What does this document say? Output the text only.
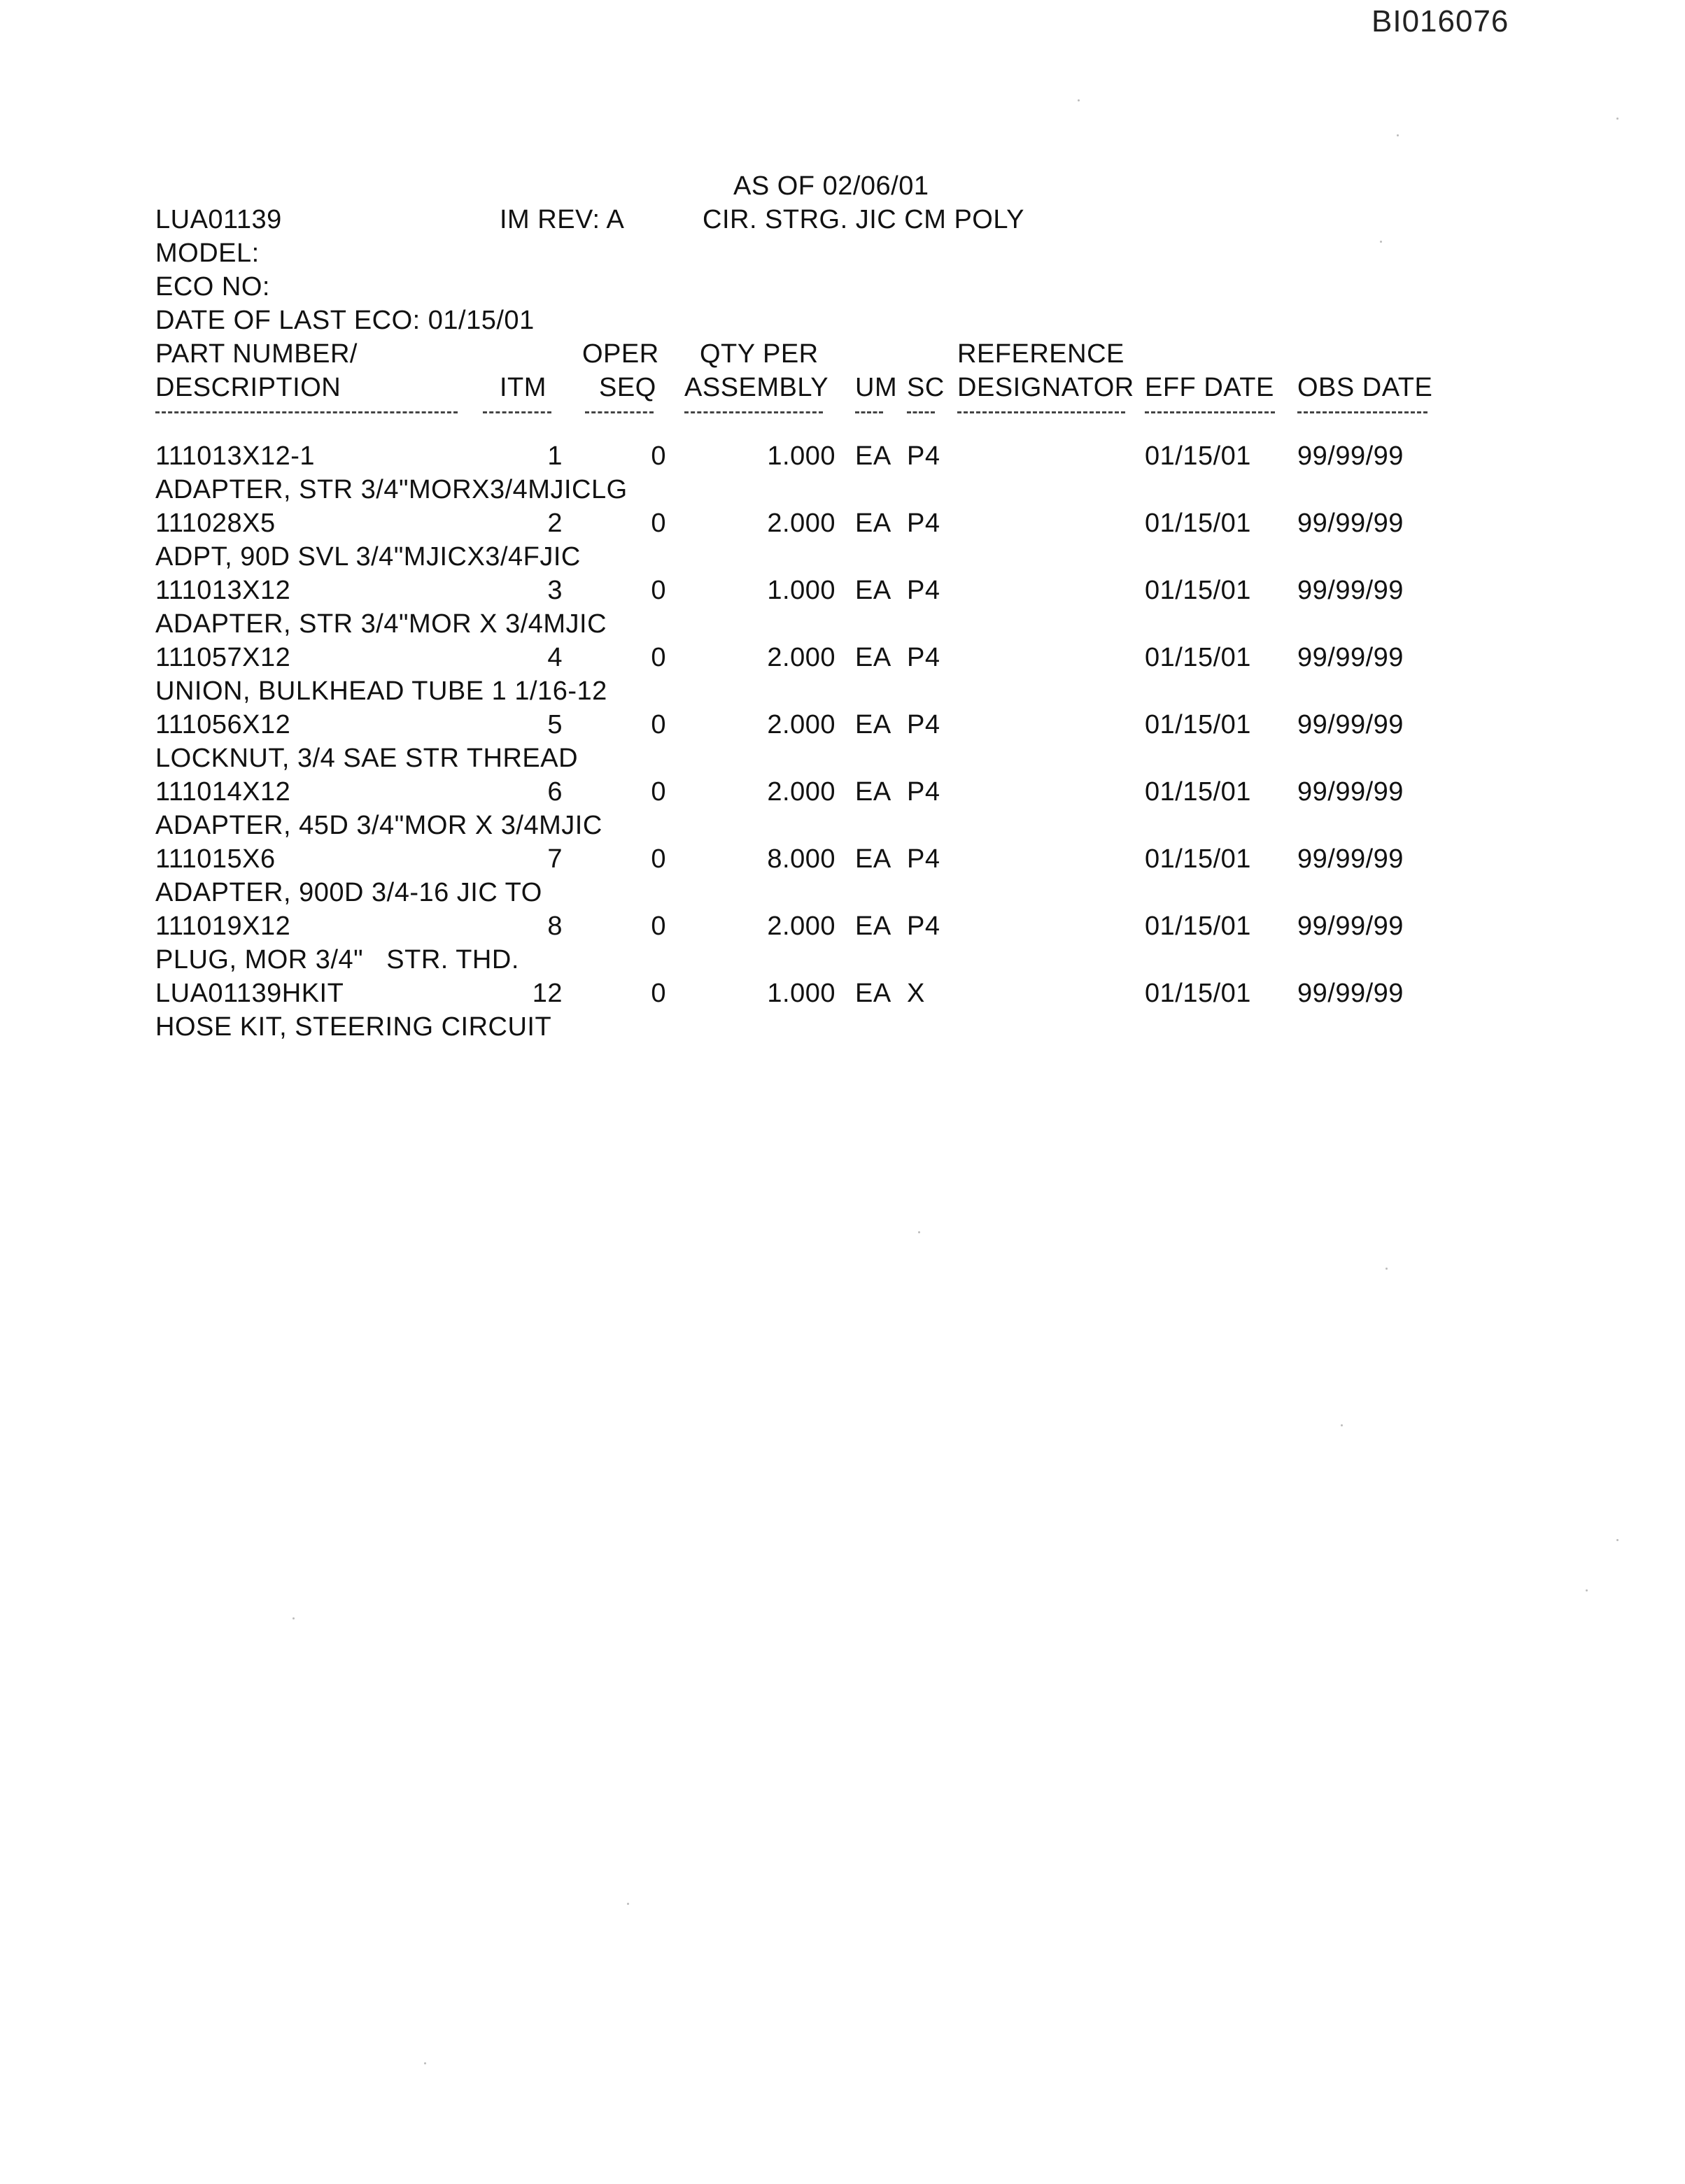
BI016076
AS OF 02/06/01
LUA01139	IM REV: A	CIR. STRG. JIC CM POLY
MODEL:
ECO NO:
DATE OF LAST ECO: 01/15/01
PART NUMBER/	OPER QTY PER	REFERENCE
DESCRIPTION	ITM SEQ ASSEMBLY UM SC DESIGNATOR EFF DATE OBS DATE
111013X12-1	1	0	1.000 EA P4	01/15/01 99/99/99
ADAPTER, STR 3/4"MORX3/4MJICLG
111028X5	2	0	2.000 EA P4	01/15/01 99/99/99
ADPT, 90D SVL 3/4"MJICX3/4FJIC
111013X12	3	0	1.000 EA P4	01/15/01 99/99/99
ADAPTER, STR 3/4"MOR X 3/4MJIC
111057X12	4	0	2.000 EA P4	01/15/01 99/99/99
UNION, BULKHEAD TUBE 1 1/16-12
111056X12	5	0	2.000 EA P4	01/15/01 99/99/99
LOCKNUT, 3/4 SAE STR THREAD
111014X12	6	0	2.000 EA P4	01/15/01 99/99/99
ADAPTER, 45D 3/4"MOR X 3/4MJIC
111015X6	7	0	8.000 EA P4	01/15/01 99/99/99
ADAPTER, 900D 3/4-16 JIC TO
111019X12	8	0	2.000 EA P4	01/15/01 99/99/99
PLUG, MOR 3/4"   STR. THD.
LUA01139HKIT	12	0	1.000 EA X	01/15/01 99/99/99
HOSE KIT, STEERING CIRCUIT
